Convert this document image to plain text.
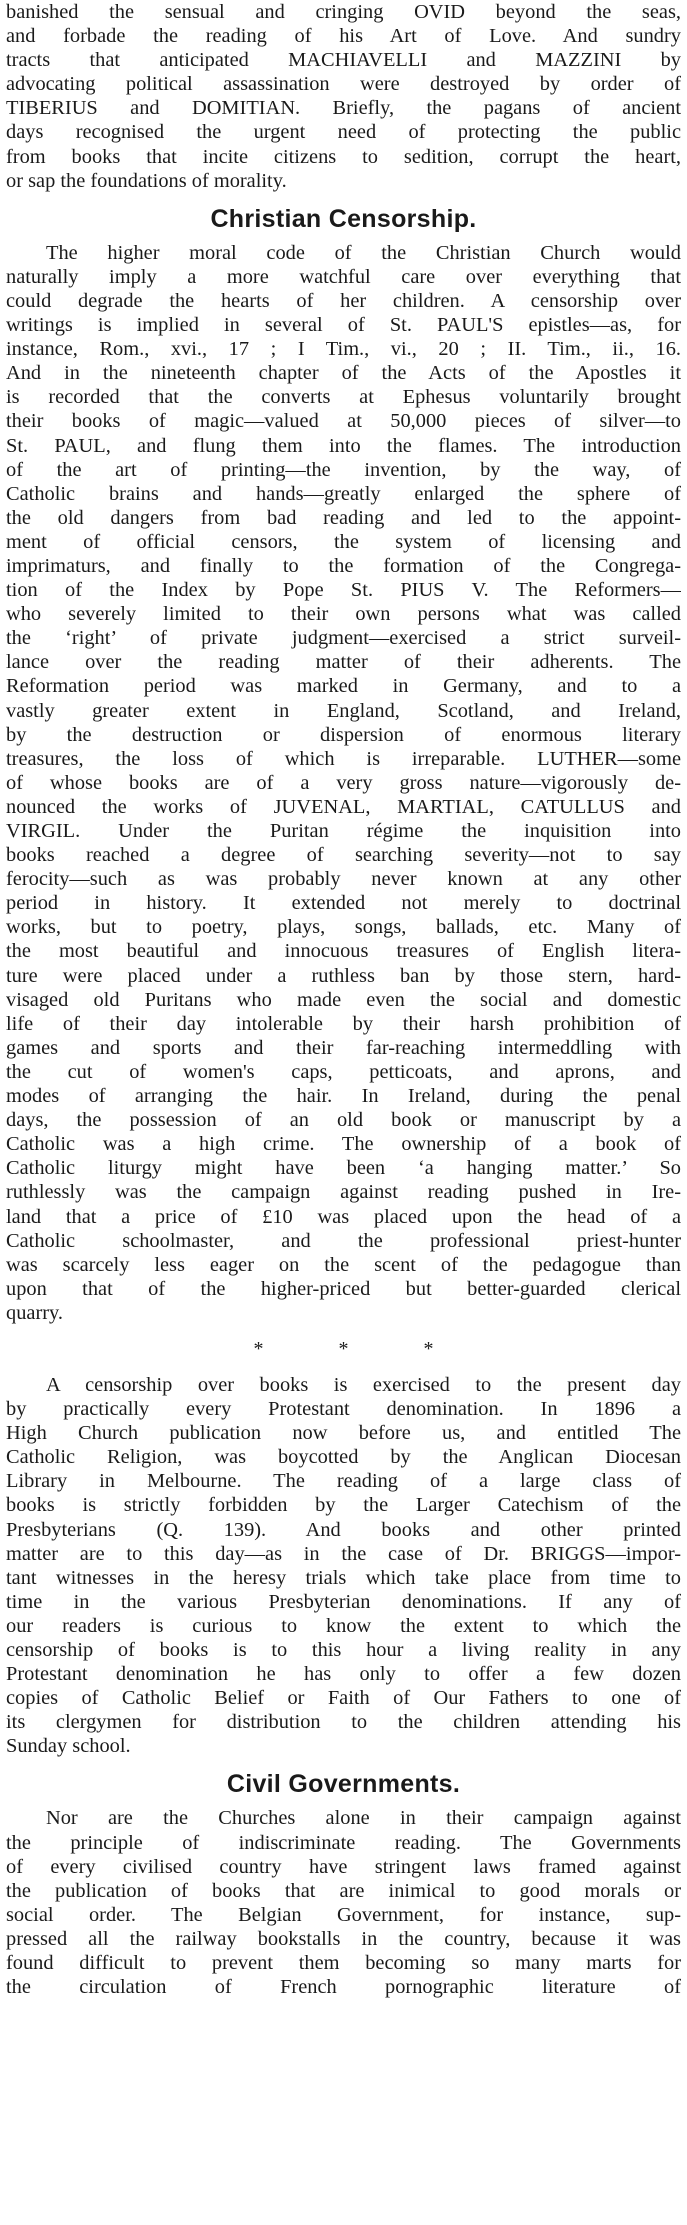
banished the sensual and cringing OVID beyond the seas,
and forbade the reading of his Art of Love. And sundry
tracts that anticipated MACHIAVELLI and MAZZINI by
advocating political assassination were destroyed by order of
TIBERIUS and DOMITIAN. Briefly, the pagans of ancient
days recognised the urgent need of protecting the public
from books that incite citizens to sedition, corrupt the heart,
or sap the foundations of morality.
Christian Censorship.
The higher moral code of the Christian Church would
naturally imply a more watchful care over everything that
could degrade the hearts of her children. A censorship over
writings is implied in several of St. PAUL'S epistles—as, for
instance, Rom., xvi., 17 ; I Tim., vi., 20 ; II. Tim., ii., 16.
And in the nineteenth chapter of the Acts of the Apostles it
is recorded that the converts at Ephesus voluntarily brought
their books of magic—valued at 50,000 pieces of silver—to
St. PAUL, and flung them into the flames. The introduction
of the art of printing—the invention, by the way, of
Catholic brains and hands—greatly enlarged the sphere of
the old dangers from bad reading and led to the appoint-
ment of official censors, the system of licensing and
imprimaturs, and finally to the formation of the Congrega-
tion of the Index by Pope St. PIUS V. The Reformers—
who severely limited to their own persons what was called
the ‘right’ of private judgment—exercised a strict surveil-
lance over the reading matter of their adherents. The
Reformation period was marked in Germany, and to a
vastly greater extent in England, Scotland, and Ireland,
by the destruction or dispersion of enormous literary
treasures, the loss of which is irreparable. LUTHER—some
of whose books are of a very gross nature—vigorously de-
nounced the works of JUVENAL, MARTIAL, CATULLUS and
VIRGIL. Under the Puritan régime the inquisition into
books reached a degree of searching severity—not to say
ferocity—such as was probably never known at any other
period in history. It extended not merely to doctrinal
works, but to poetry, plays, songs, ballads, etc. Many of
the most beautiful and innocuous treasures of English litera-
ture were placed under a ruthless ban by those stern, hard-
visaged old Puritans who made even the social and domestic
life of their day intolerable by their harsh prohibition of
games and sports and their far-reaching intermeddling with
the cut of women's caps, petticoats, and aprons, and
modes of arranging the hair. In Ireland, during the penal
days, the possession of an old book or manuscript by a
Catholic was a high crime. The ownership of a book of
Catholic liturgy might have been ‘a hanging matter.’ So
ruthlessly was the campaign against reading pushed in Ire-
land that a price of £10 was placed upon the head of a
Catholic schoolmaster, and the professional priest-hunter
was scarcely less eager on the scent of the pedagogue than
upon that of the higher-priced but better-guarded clerical
quarry.
* * *
A censorship over books is exercised to the present day
by practically every Protestant denomination. In 1896 a
High Church publication now before us, and entitled The
Catholic Religion, was boycotted by the Anglican Diocesan
Library in Melbourne. The reading of a large class of
books is strictly forbidden by the Larger Catechism of the
Presbyterians (Q. 139). And books and other printed
matter are to this day—as in the case of Dr. BRIGGS—impor-
tant witnesses in the heresy trials which take place from time to
time in the various Presbyterian denominations. If any of
our readers is curious to know the extent to which the
censorship of books is to this hour a living reality in any
Protestant denomination he has only to offer a few dozen
copies of Catholic Belief or Faith of Our Fathers to one of
its clergymen for distribution to the children attending his
Sunday school.
Civil Governments.
Nor are the Churches alone in their campaign against
the principle of indiscriminate reading. The Governments
of every civilised country have stringent laws framed against
the publication of books that are inimical to good morals or
social order. The Belgian Government, for instance, sup-
pressed all the railway bookstalls in the country, because it was
found difficult to prevent them becoming so many marts for
the circulation of French pornographic literature of
